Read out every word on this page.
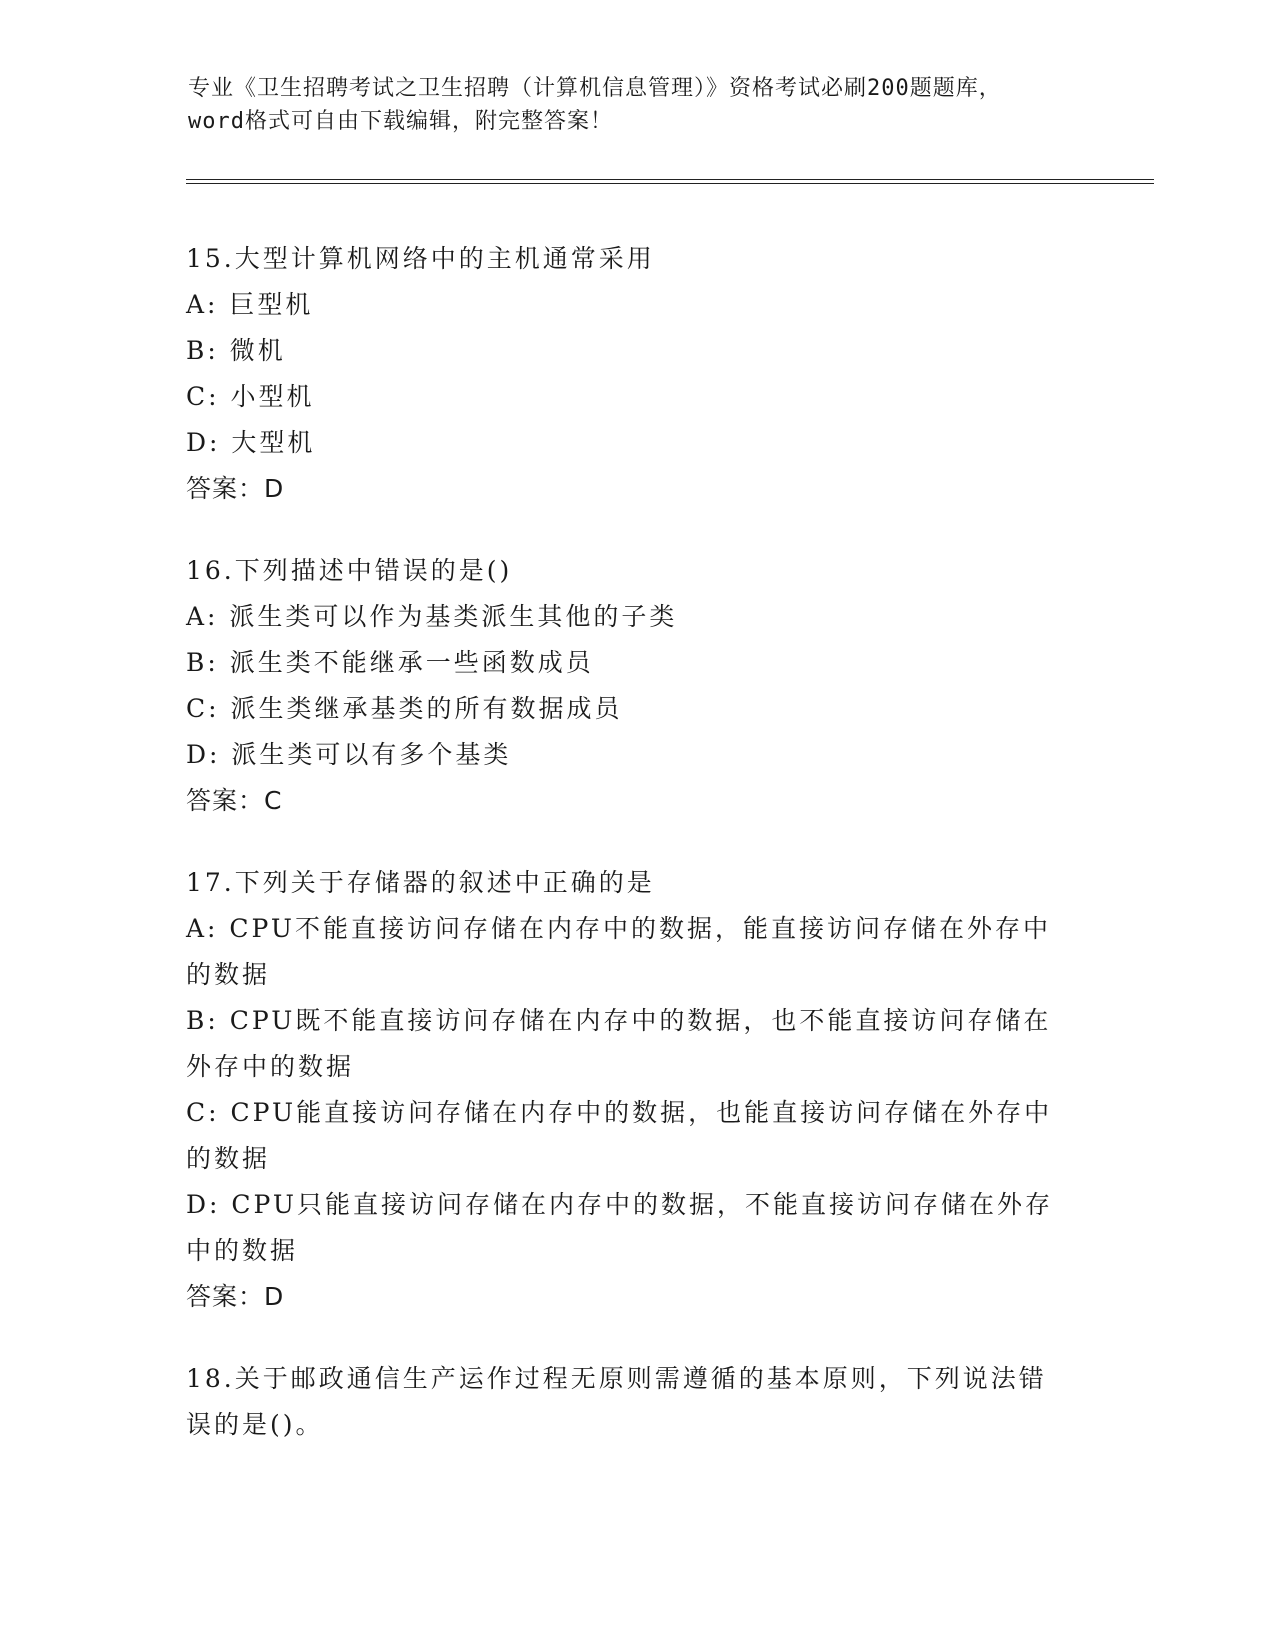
专业《卫生招聘考试之卫生招聘（计算机信息管理）》资格考试必刷200题题库，
word格式可自由下载编辑，附完整答案！
15.大型计算机网络中的主机通常采用
A: 巨型机
B: 微机
C: 小型机
D: 大型机
答案：D
16.下列描述中错误的是()
A: 派生类可以作为基类派生其他的子类
B: 派生类不能继承一些函数成员
C: 派生类继承基类的所有数据成员
D: 派生类可以有多个基类
答案：C
17.下列关于存储器的叙述中正确的是
A: CPU不能直接访问存储在内存中的数据，能直接访问存储在外存中的数据
B: CPU既不能直接访问存储在内存中的数据，也不能直接访问存储在外存中的数据
C: CPU能直接访问存储在内存中的数据，也能直接访问存储在外存中的数据
D: CPU只能直接访问存储在内存中的数据，不能直接访问存储在外存中的数据
答案：D
18.关于邮政通信生产运作过程无原则需遵循的基本原则，下列说法错误的是()。
